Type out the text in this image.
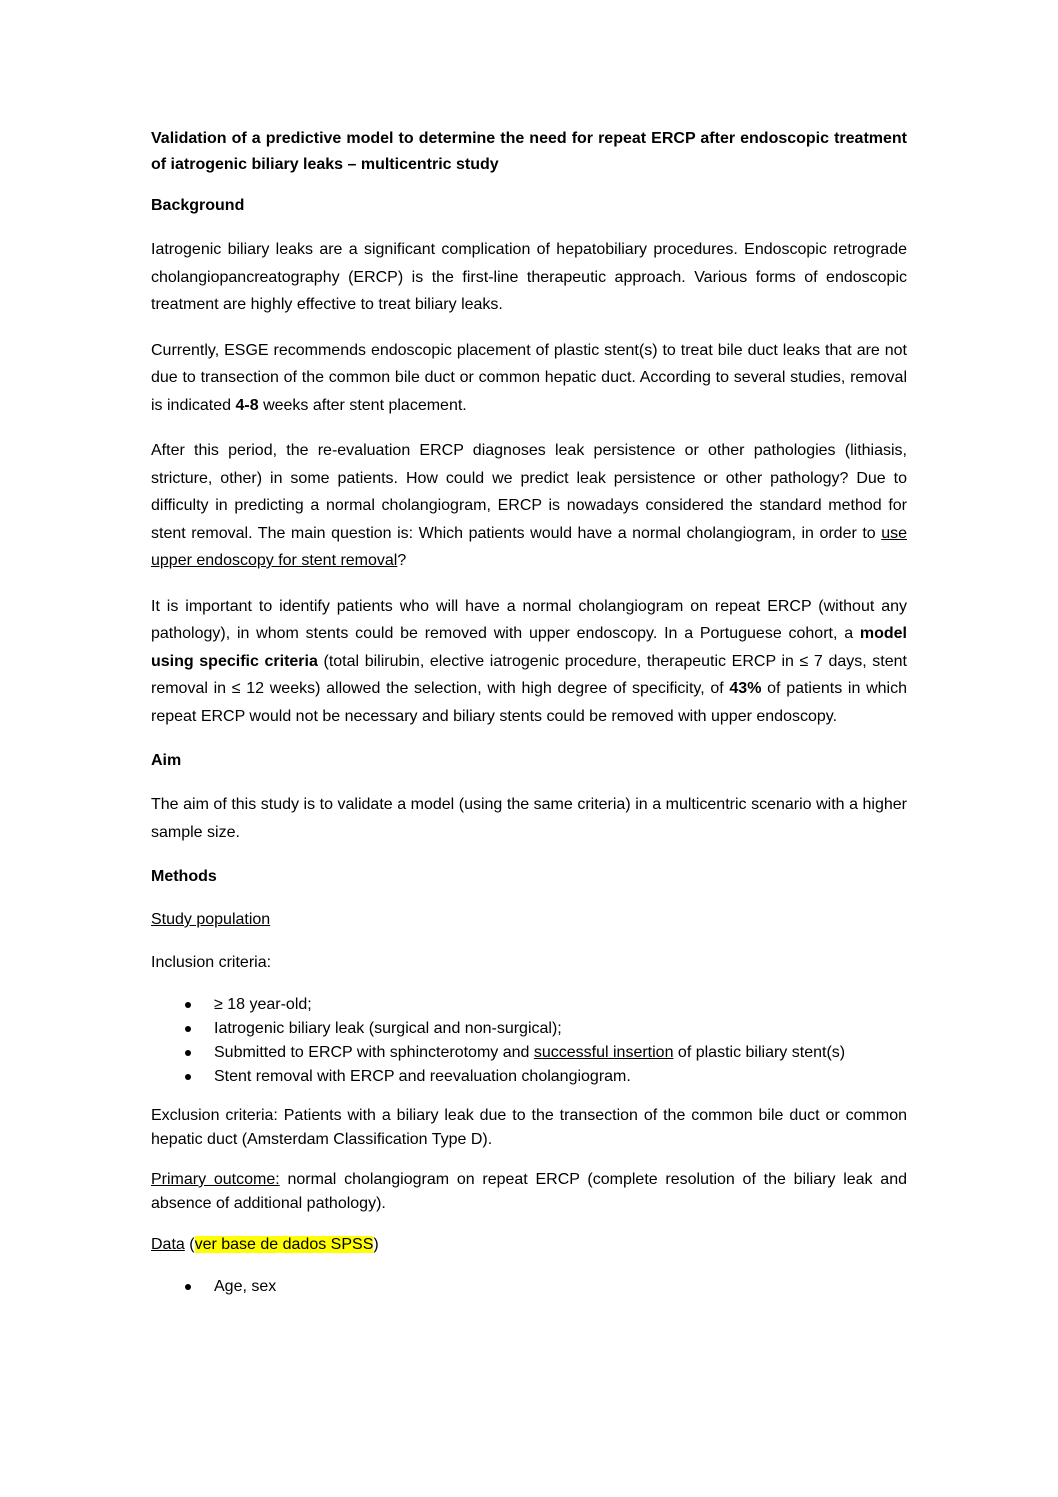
Validation of a predictive model to determine the need for repeat ERCP after endoscopic treatment of iatrogenic biliary leaks – multicentric study
Background

Iatrogenic biliary leaks are a significant complication of hepatobiliary procedures. Endoscopic retrograde cholangiopancreatography (ERCP) is the first-line therapeutic approach. Various forms of endoscopic treatment are highly effective to treat biliary leaks.

Currently, ESGE recommends endoscopic placement of plastic stent(s) to treat bile duct leaks that are not due to transection of the common bile duct or common hepatic duct. According to several studies, removal is indicated 4-8 weeks after stent placement.

After this period, the re-evaluation ERCP diagnoses leak persistence or other pathologies (lithiasis, stricture, other) in some patients. How could we predict leak persistence or other pathology? Due to difficulty in predicting a normal cholangiogram, ERCP is nowadays considered the standard method for stent removal. The main question is: Which patients would have a normal cholangiogram, in order to use upper endoscopy for stent removal?

It is important to identify patients who will have a normal cholangiogram on repeat ERCP (without any pathology), in whom stents could be removed with upper endoscopy. In a Portuguese cohort, a model using specific criteria (total bilirubin, elective iatrogenic procedure, therapeutic ERCP in ≤ 7 days, stent removal in ≤ 12 weeks) allowed the selection, with high degree of specificity, of 43% of patients in which repeat ERCP would not be necessary and biliary stents could be removed with upper endoscopy.

Aim

The aim of this study is to validate a model (using the same criteria) in a multicentric scenario with a higher sample size.

Methods
Study population
Inclusion criteria:
≥ 18 year-old;
Iatrogenic biliary leak (surgical and non-surgical);
Submitted to ERCP with sphincterotomy and successful insertion of plastic biliary stent(s)
Stent removal with ERCP and reevaluation cholangiogram.

Exclusion criteria: Patients with a biliary leak due to the transection of the common bile duct or common hepatic duct (Amsterdam Classification Type D).

Primary outcome: normal cholangiogram on repeat ERCP (complete resolution of the biliary leak and absence of additional pathology).

Data (ver base de dados SPSS)
Age, sex
